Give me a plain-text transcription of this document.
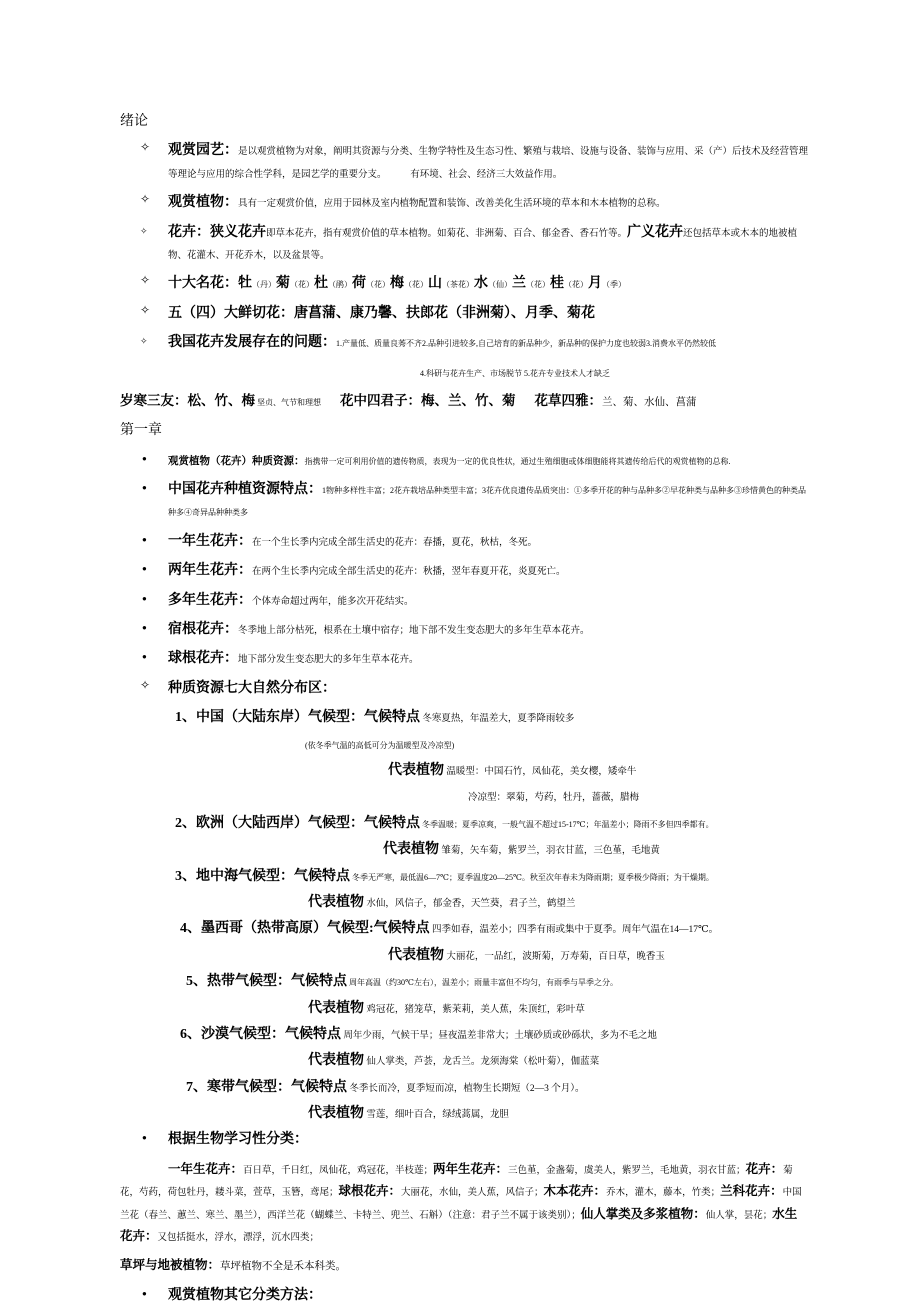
绪论
✧ 观赏园艺：是以观赏植物为对象，阐明其资源与分类、生物学特性及生态习性、繁殖与栽培、设施与设备、装饰与应用、采（产）后技术及经营管理等理论与应用的综合性学科，是园艺学的重要分支。　　　有环境、社会、经济三大效益作用。
✧ 观赏植物：具有一定观赏价值，应用于园林及室内植物配置和装饰、改善美化生活环境的草本和木本植物的总称。
✧ 花卉：狭义花卉即草本花卉，指有观赏价值的草本植物。如菊花、非洲菊、百合、郁金香、香石竹等。广义花卉还包括草本或木本的地被植物、花灌木、开花乔木，以及盆景等。
✧ 十大名花：牡（丹）菊（花）杜（鹃）荷（花）梅（花）山（茶花）水（仙）兰（花）桂（花）月（季）
✧ 五（四）大鲜切花：唐菖蒲、康乃馨、扶郎花（非洲菊）、月季、菊花
✧ 我国花卉发展存在的问题：1.产量低、质量良莠不齐2.品种引进较多,自己培育的新品种少，新品种的保护力度也较弱3.消费水平仍然较低
4.科研与花卉生产、市场脱节 5.花卉专业技术人才缺乏
岁寒三友：松、竹、梅 坚贞、气节和理想　　 花中四君子：梅、兰、竹、菊　　 花草四雅：兰、菊、水仙、菖蒲
第一章
● 观赏植物（花卉）种质资源：指携带一定可利用价值的遗传物质，表现为一定的优良性状，通过生殖细胞或体细胞能将其遗传给后代的观赏植物的总称.
● 中国花卉种植资源特点：1物种多样性丰富；2花卉栽培品种类型丰富；3花卉优良遗传品质突出：①多季开花的种与品种多②早花种类与品种多③珍惜黄色的种类品种多④奇异品种种类多
● 一年生花卉：在一个生长季内完成全部生活史的花卉：春播，夏花，秋枯，冬死。
● 两年生花卉：在两个生长季内完成全部生活史的花卉：秋播，翌年春夏开花，炎夏死亡。
● 多年生花卉：个体寿命超过两年，能多次开花结实。
● 宿根花卉：冬季地上部分枯死，根系在土壤中宿存；地下部不发生变态肥大的多年生草本花卉。
● 球根花卉：地下部分发生变态肥大的多年生草本花卉。
✧ 种质资源七大自然分布区：
1、中国（大陆东岸）气候型：气候特点 冬寒夏热，年温差大，夏季降雨较多
(依冬季气温的高低可分为温暖型及冷凉型)
代表植物 温暖型：中国石竹，凤仙花，美女樱，矮牵牛
冷凉型：翠菊，芍药，牡丹，蔷薇，腊梅
2、欧洲（大陆西岸）气候型：气候特点 冬季温暖；夏季凉爽，一般气温不超过15-17℃；年温差小；降雨不多但四季都有。
代表植物 雏菊，矢车菊，紫罗兰，羽衣甘蓝，三色堇，毛地黄
3、地中海气候型：气候特点 冬季无严寒，最低温6—7℃；夏季温度20—25℃。秋至次年春未为降雨期；夏季极少降雨；为干燥期。
代表植物 水仙，风信子，郁金香，天竺葵，君子兰，鹤望兰
4、墨西哥（热带高原）气候型:气候特点 四季如春，温差小；四季有雨或集中于夏季。周年气温在14—17℃。
代表植物 大丽花，一品红，波斯菊，万寿菊，百日草，晚香玉
5、热带气候型：气候特点 周年高温（约30℃左右），温差小；雨量丰富但不均匀，有雨季与旱季之分。
代表植物 鸡冠花，猪笼草，紫茉莉，美人蕉，朱顶红，彩叶草
6、沙漠气候型：气候特点 周年少雨，气候干旱；昼夜温差非常大；土壤砂质或砂砾状，多为不毛之地
代表植物 仙人掌类，芦荟，龙舌兰。龙须海棠（松叶菊），伽蓝菜
7、寒带气候型：气候特点 冬季长而冷，夏季短而凉，植物生长期短（2—3 个月）。
代表植物 雪莲，细叶百合，绿绒蒿属，龙胆
● 根据生物学习性分类：
一年生花卉：百日草，千日红，凤仙花，鸡冠花，半枝莲；两年生花卉：三色堇，金盏菊，虞美人，紫罗兰，毛地黄，羽衣甘蓝；花卉：菊花，芍药，荷包牡丹，耧斗菜，萱草，玉簪，鸢尾；球根花卉：大丽花，水仙，美人蕉，风信子；木本花卉：乔木，灌木，藤本，竹类；兰科花卉：中国兰花（春兰、蕙兰、寒兰、墨兰），西洋兰花（蝴蝶兰、卡特兰、兜兰、石斛）（注意：君子兰不属于该类别）；仙人掌类及多浆植物：仙人掌，昙花；水生花卉：又包括挺水，浮水，漂浮，沉水四类；
草坪与地被植物：草坪植物不全是禾本科类。
● 观赏植物其它分类方法：
